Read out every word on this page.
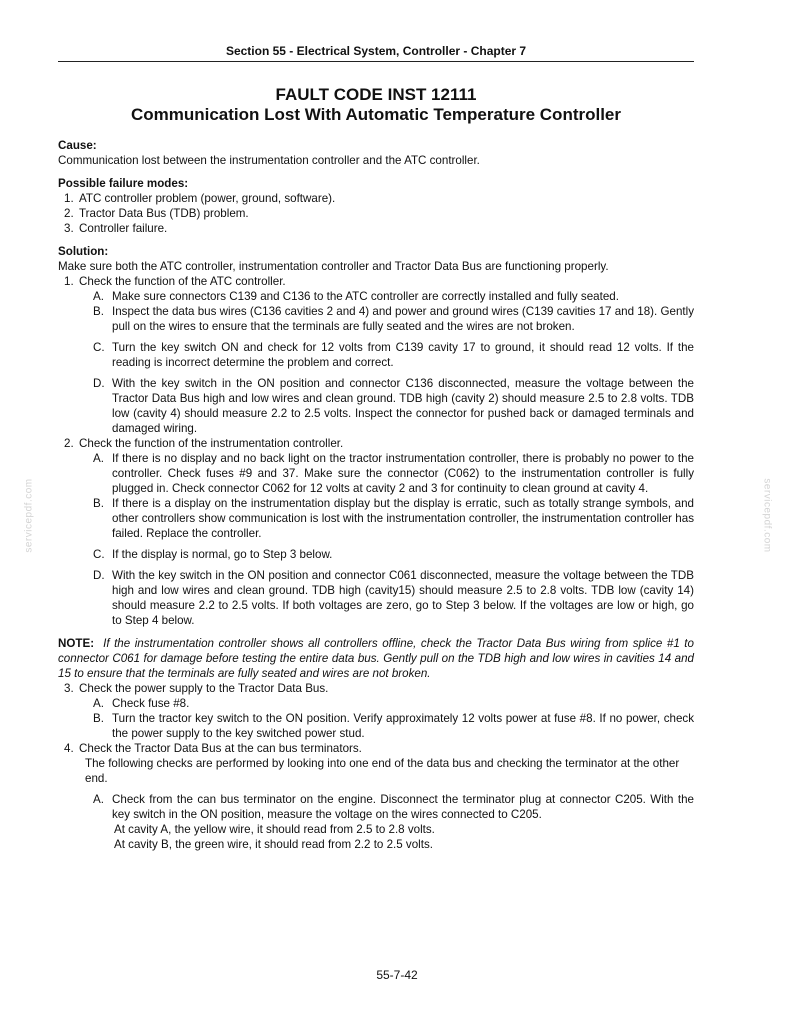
Section 55 - Electrical System, Controller - Chapter 7
FAULT CODE INST 12111
Communication Lost With Automatic Temperature Controller
Cause:

Communication lost between the instrumentation controller and the ATC controller.

Possible failure modes:
1. ATC controller problem (power, ground, software).
2. Tractor Data Bus (TDB) problem.
3. Controller failure.
Solution:

Make sure both the ATC controller, instrumentation controller and Tractor Data Bus are functioning properly.

1. Check the function of the ATC controller.
A. Make sure connectors C139 and C136 to the ATC controller are correctly installed and fully seated.
B. Inspect the data bus wires (C136 cavities 2 and 4) and power and ground wires (C139 cavities 17 and 18). Gently pull on the wires to ensure that the terminals are fully seated and the wires are not broken.
C. Turn the key switch ON and check for 12 volts from C139 cavity 17 to ground, it should read 12 volts. If the reading is incorrect determine the problem and correct.
D. With the key switch in the ON position and connector C136 disconnected, measure the voltage between the Tractor Data Bus high and low wires and clean ground. TDB high (cavity 2) should measure 2.5 to 2.8 volts. TDB low (cavity 4) should measure 2.2 to 2.5 volts. Inspect the connector for pushed back or damaged terminals and damaged wiring.
2. Check the function of the instrumentation controller.
A. If there is no display and no back light on the tractor instrumentation controller, there is probably no power to the controller. Check fuses #9 and 37. Make sure the connector (C062) to the instrumentation controller is fully plugged in. Check connector C062 for 12 volts at cavity 2 and 3 for continuity to clean ground at cavity 4.
B. If there is a display on the instrumentation display but the display is erratic, such as totally strange symbols, and other controllers show communication is lost with the instrumentation controller, the instrumentation controller has failed. Replace the controller.
C. If the display is normal, go to Step 3 below.
D. With the key switch in the ON position and connector C061 disconnected, measure the voltage between the TDB high and low wires and clean ground. TDB high (cavity15) should measure 2.5 to 2.8 volts. TDB low (cavity 14) should measure 2.2 to 2.5 volts. If both voltages are zero, go to Step 3 below. If the voltages are low or high, go to Step 4 below.

NOTE: If the instrumentation controller shows all controllers offline, check the Tractor Data Bus wiring from splice #1 to connector C061 for damage before testing the entire data bus. Gently pull on the TDB high and low wires in cavities 14 and 15 to ensure that the terminals are fully seated and wires are not broken.

3. Check the power supply to the Tractor Data Bus.
A. Check fuse #8.
B. Turn the tractor key switch to the ON position. Verify approximately 12 volts power at fuse #8. If no power, check the power supply to the key switched power stud.
4. Check the Tractor Data Bus at the can bus terminators.
The following checks are performed by looking into one end of the data bus and checking the terminator at the other end.
A. Check from the can bus terminator on the engine. Disconnect the terminator plug at connector C205. With the key switch in the ON position, measure the voltage on the wires connected to C205.
At cavity A, the yellow wire, it should read from 2.5 to 2.8 volts.
At cavity B, the green wire, it should read from 2.2 to 2.5 volts.
55-7-42
servicepdf.com	servicepdf.com
